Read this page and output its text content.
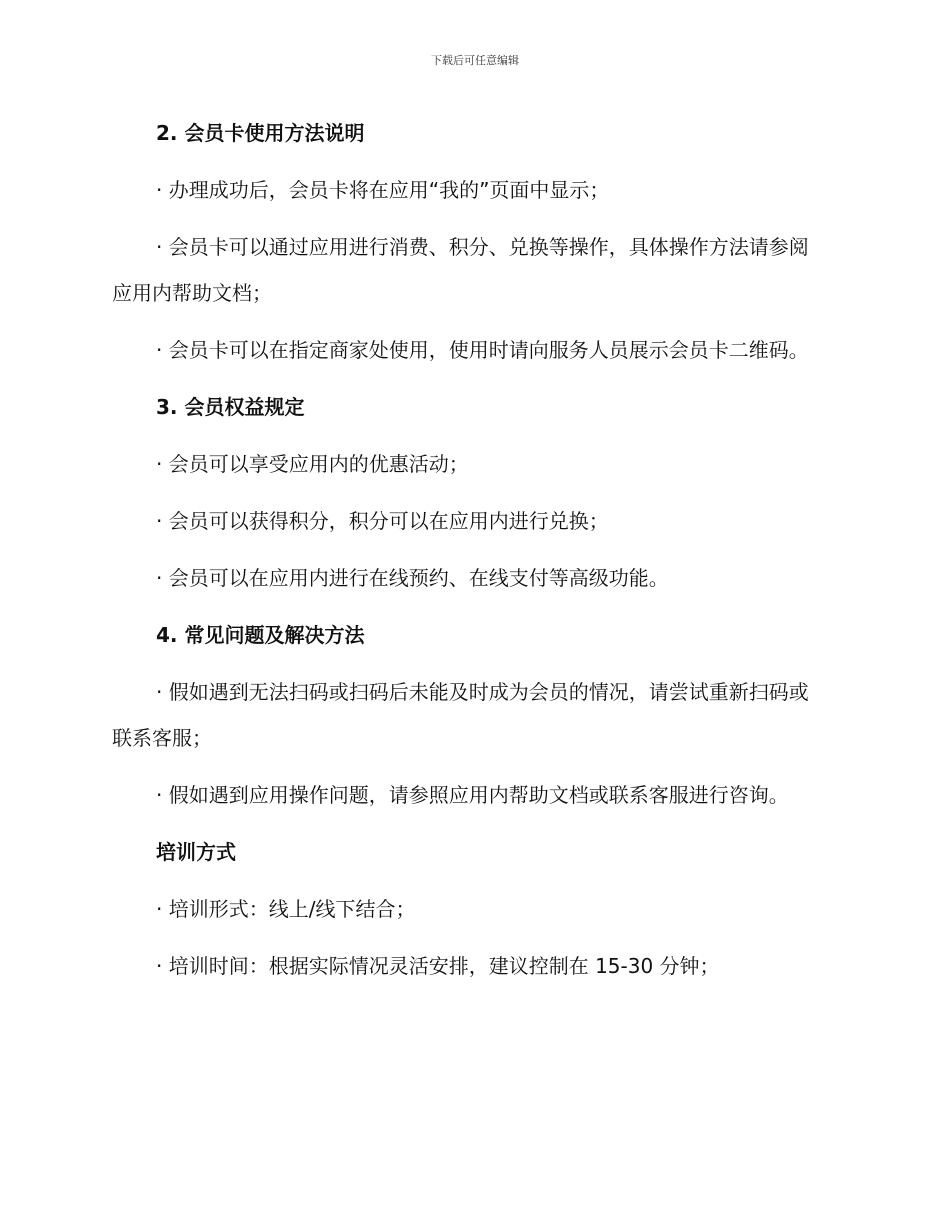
下载后可任意编辑
2. 会员卡使用方法说明
· 办理成功后，会员卡将在应用“我的”页面中显示；
· 会员卡可以通过应用进行消费、积分、兑换等操作，具体操作方法请参阅应用内帮助文档；
· 会员卡可以在指定商家处使用，使用时请向服务人员展示会员卡二维码。
3. 会员权益规定
· 会员可以享受应用内的优惠活动；
· 会员可以获得积分，积分可以在应用内进行兑换；
· 会员可以在应用内进行在线预约、在线支付等高级功能。
4. 常见问题及解决方法
· 假如遇到无法扫码或扫码后未能及时成为会员的情况，请尝试重新扫码或联系客服；
· 假如遇到应用操作问题，请参照应用内帮助文档或联系客服进行咨询。
培训方式
· 培训形式：线上/线下结合；
· 培训时间：根据实际情况灵活安排，建议控制在 15-30 分钟；
